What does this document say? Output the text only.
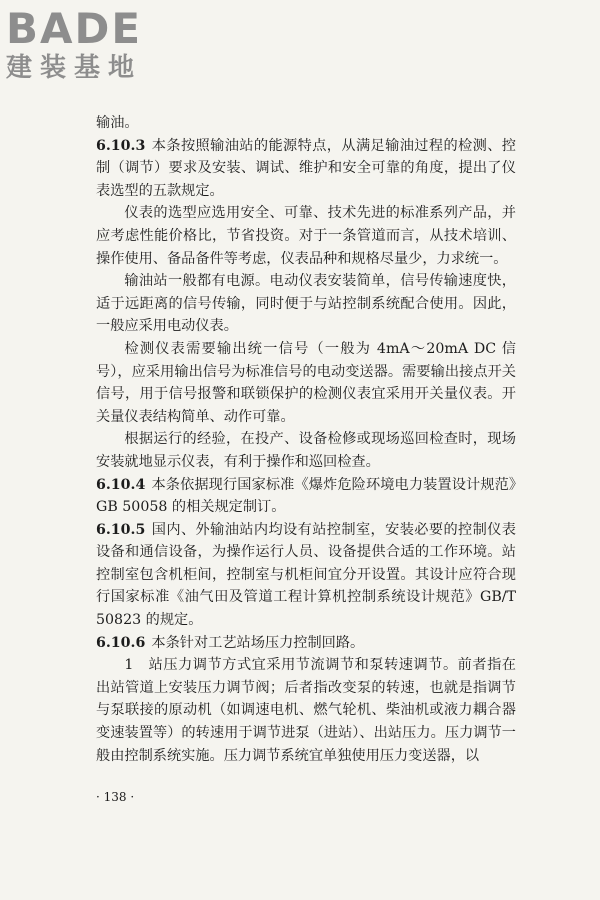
BADE
建装基地

输油。

6.10.3 本条按照输油站的能源特点，从满足输油过程的检测、控制（调节）要求及安装、调试、维护和安全可靠的角度，提出了仪表选型的五款规定。

仪表的选型应选用安全、可靠、技术先进的标准系列产品，并应考虑性能价格比，节省投资。对于一条管道而言，从技术培训、操作使用、备品备件等考虑，仪表品种和规格尽量少，力求统一。

输油站一般都有电源。电动仪表安装简单，信号传输速度快，适于远距离的信号传输，同时便于与站控制系统配合使用。因此，一般应采用电动仪表。

检测仪表需要输出统一信号（一般为 4mA～20mA DC 信号），应采用输出信号为标准信号的电动变送器。需要输出接点开关信号，用于信号报警和联锁保护的检测仪表宜采用开关量仪表。开关量仪表结构简单、动作可靠。

根据运行的经验，在投产、设备检修或现场巡回检查时，现场安装就地显示仪表，有利于操作和巡回检查。

6.10.4 本条依据现行国家标准《爆炸危险环境电力装置设计规范》GB 50058 的相关规定制订。

6.10.5 国内、外输油站内均设有站控制室，安装必要的控制仪表设备和通信设备，为操作运行人员、设备提供合适的工作环境。站控制室包含机柜间，控制室与机柜间宜分开设置。其设计应符合现行国家标准《油气田及管道工程计算机控制系统设计规范》GB/T 50823 的规定。

6.10.6 本条针对工艺站场压力控制回路。

1　站压力调节方式宜采用节流调节和泵转速调节。前者指在出站管道上安装压力调节阀；后者指改变泵的转速，也就是指调节与泵联接的原动机（如调速电机、燃气轮机、柴油机或液力耦合器变速装置等）的转速用于调节进泵（进站）、出站压力。压力调节一般由控制系统实施。压力调节系统宜单独使用压力变送器，以

· 138 ·
